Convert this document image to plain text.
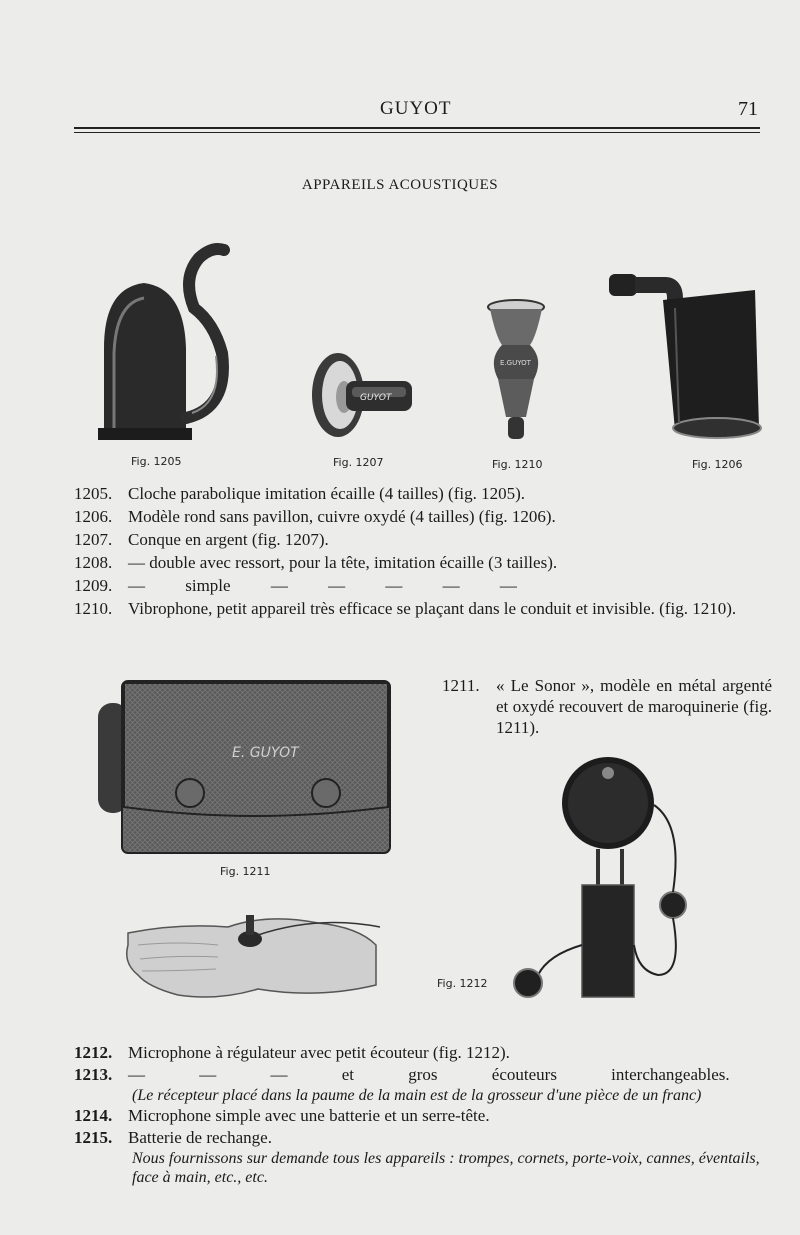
GUYOT	71
APPAREILS ACOUSTIQUES
Fig. 1205
GUYOT
Fig. 1207
E.GUYOT
Fig. 1210	Fig. 1206
1205. Cloche parabolique imitation écaille (4 tailles) (fig. 1205).
1206. Modèle rond sans pavillon, cuivre oxydé (4 tailles) (fig. 1206).
1207. Conque en argent (fig. 1207).
1208. — double avec ressort, pour la tête, imitation écaille (3 tailles).
1209. — simple — — — — —
1210. Vibrophone, petit appareil très efficace se plaçant dans le conduit et invisible. (fig. 1210).
E. GUYOT
Fig. 1211
1211. « Le Sonor », modèle en métal argenté et oxydé recouvert de maroquinerie (fig. 1211).
Fig. 1212
1212. Microphone à régulateur avec petit écouteur (fig. 1212).
1213. — — — et gros écouteurs interchangeables.
(Le récepteur placé dans la paume de la main est de la grosseur d'une pièce de un franc)
1214. Microphone simple avec une batterie et un serre-tête.
1215. Batterie de rechange.
Nous fournissons sur demande tous les appareils : trompes, cornets, porte-voix, cannes, éventails, face à main, etc., etc.
